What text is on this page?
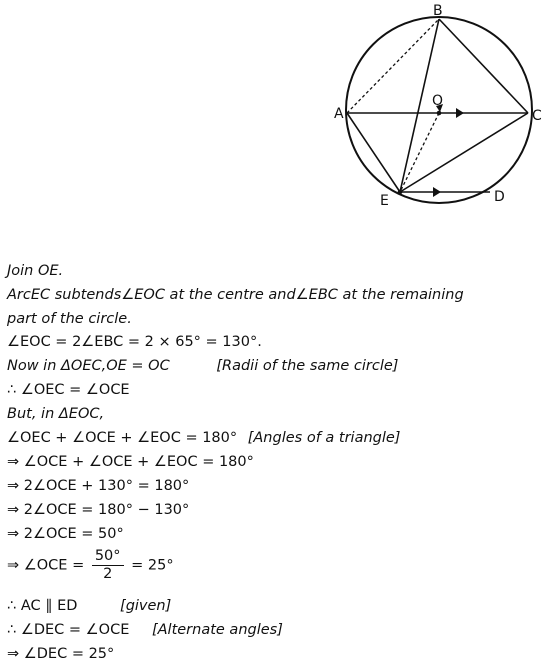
B
A	C
O
E	D
Join OE.
ArcEC subtends∠EOC at the centre and∠EBC at the remaining
part of the circle.
∠EOC = 2∠EBC = 2 × 65° = 130°.
Now in ΔOEC,OE = OC	[Radii of the same circle]
∴ ∠OEC = ∠OCE
But, in ΔEOC,
∠OEC + ∠OCE + ∠EOC = 180° [Angles of a triangle]
⇒ ∠OCE + ∠OCE + ∠EOC = 180°
⇒ 2∠OCE + 130° = 180°
⇒ 2∠OCE = 180° − 130°
⇒ 2∠OCE = 50°
⇒ ∠OCE = $\frac{50^\circ}{2} = 25^\circ$
∴ AC ∥ ED	[given]
∴ ∠DEC = ∠OCE [Alternate angles]
⇒ ∠DEC = 25°
